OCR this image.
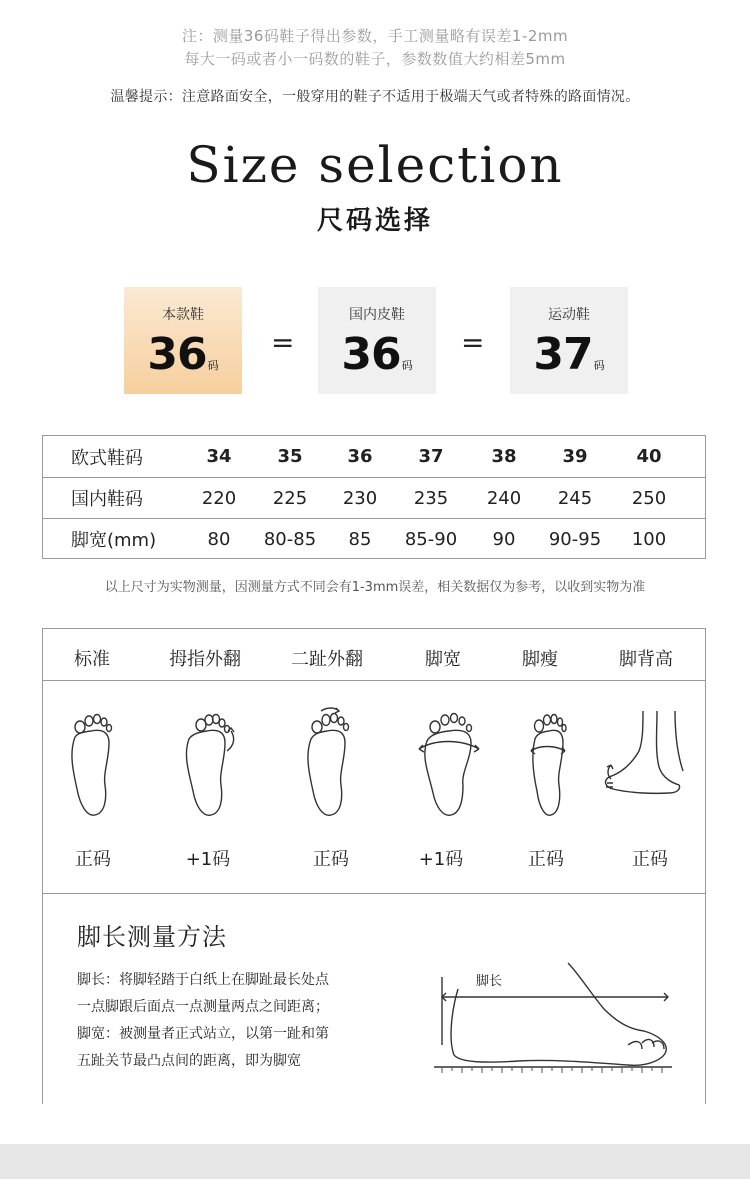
注：测量36码鞋子得出参数，手工测量略有误差1-2mm
每大一码或者小一码数的鞋子，参数数值大约相差5mm
温馨提示：注意路面安全，一般穿用的鞋子不适用于极端天气或者特殊的路面情况。
Size selection
尺码选择
本款鞋
36码
=
国内皮鞋
36码
=
运动鞋
37码
欧式鞋码	34	35	36	37	38	39	40
国内鞋码	220	225	230	235	240	245	250
脚宽(mm)	80	80-85	85	85-90	90	90-95	100
以上尺寸为实物测量，因测量方式不同会有1-3mm误差，相关数据仅为参考，以收到实物为准
标准	拇指外翻	二趾外翻	脚宽	脚瘦	脚背高
正码	+1码	正码	+1码	正码	正码
脚长测量方法
脚长：将脚轻踏于白纸上在脚趾最长处点
一点脚跟后面点一点测量两点之间距离；
脚宽：被测量者正式站立，以第一趾和第
五趾关节最凸点间的距离，即为脚宽
脚长
